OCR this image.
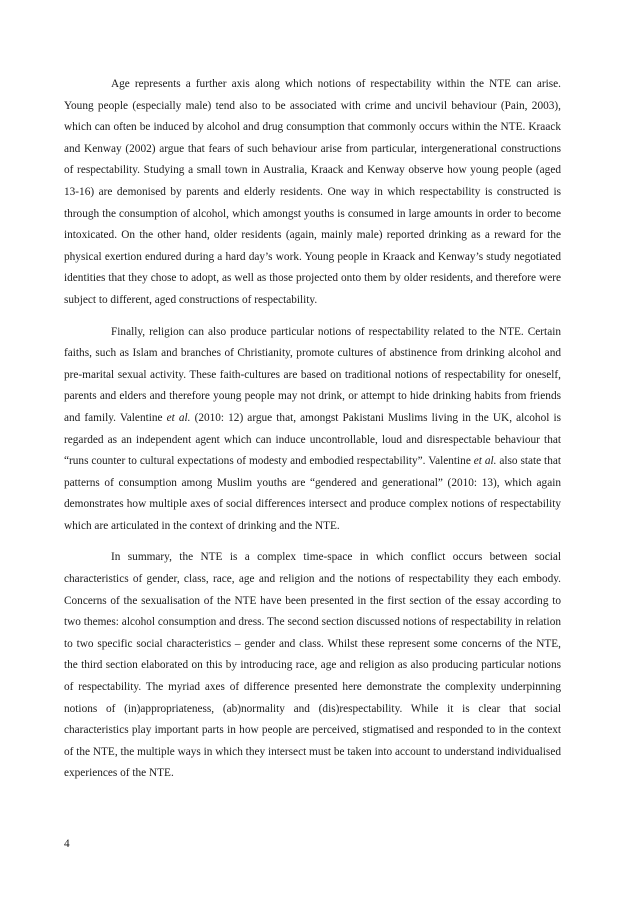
Age represents a further axis along which notions of respectability within the NTE can arise. Young people (especially male) tend also to be associated with crime and uncivil behaviour (Pain, 2003), which can often be induced by alcohol and drug consumption that commonly occurs within the NTE. Kraack and Kenway (2002) argue that fears of such behaviour arise from particular, intergenerational constructions of respectability. Studying a small town in Australia, Kraack and Kenway observe how young people (aged 13-16) are demonised by parents and elderly residents. One way in which respectability is constructed is through the consumption of alcohol, which amongst youths is consumed in large amounts in order to become intoxicated. On the other hand, older residents (again, mainly male) reported drinking as a reward for the physical exertion endured during a hard day’s work. Young people in Kraack and Kenway’s study negotiated identities that they chose to adopt, as well as those projected onto them by older residents, and therefore were subject to different, aged constructions of respectability.

Finally, religion can also produce particular notions of respectability related to the NTE. Certain faiths, such as Islam and branches of Christianity, promote cultures of abstinence from drinking alcohol and pre-marital sexual activity. These faith-cultures are based on traditional notions of respectability for oneself, parents and elders and therefore young people may not drink, or attempt to hide drinking habits from friends and family. Valentine et al. (2010: 12) argue that, amongst Pakistani Muslims living in the UK, alcohol is regarded as an independent agent which can induce uncontrollable, loud and disrespectable behaviour that “runs counter to cultural expectations of modesty and embodied respectability”. Valentine et al. also state that patterns of consumption among Muslim youths are “gendered and generational” (2010: 13), which again demonstrates how multiple axes of social differences intersect and produce complex notions of respectability which are articulated in the context of drinking and the NTE.

In summary, the NTE is a complex time-space in which conflict occurs between social characteristics of gender, class, race, age and religion and the notions of respectability they each embody. Concerns of the sexualisation of the NTE have been presented in the first section of the essay according to two themes: alcohol consumption and dress. The second section discussed notions of respectability in relation to two specific social characteristics – gender and class. Whilst these represent some concerns of the NTE, the third section elaborated on this by introducing race, age and religion as also producing particular notions of respectability. The myriad axes of difference presented here demonstrate the complexity underpinning notions of (in)appropriateness, (ab)normality and (dis)respectability. While it is clear that social characteristics play important parts in how people are perceived, stigmatised and responded to in the context of the NTE, the multiple ways in which they intersect must be taken into account to understand individualised experiences of the NTE.

4
